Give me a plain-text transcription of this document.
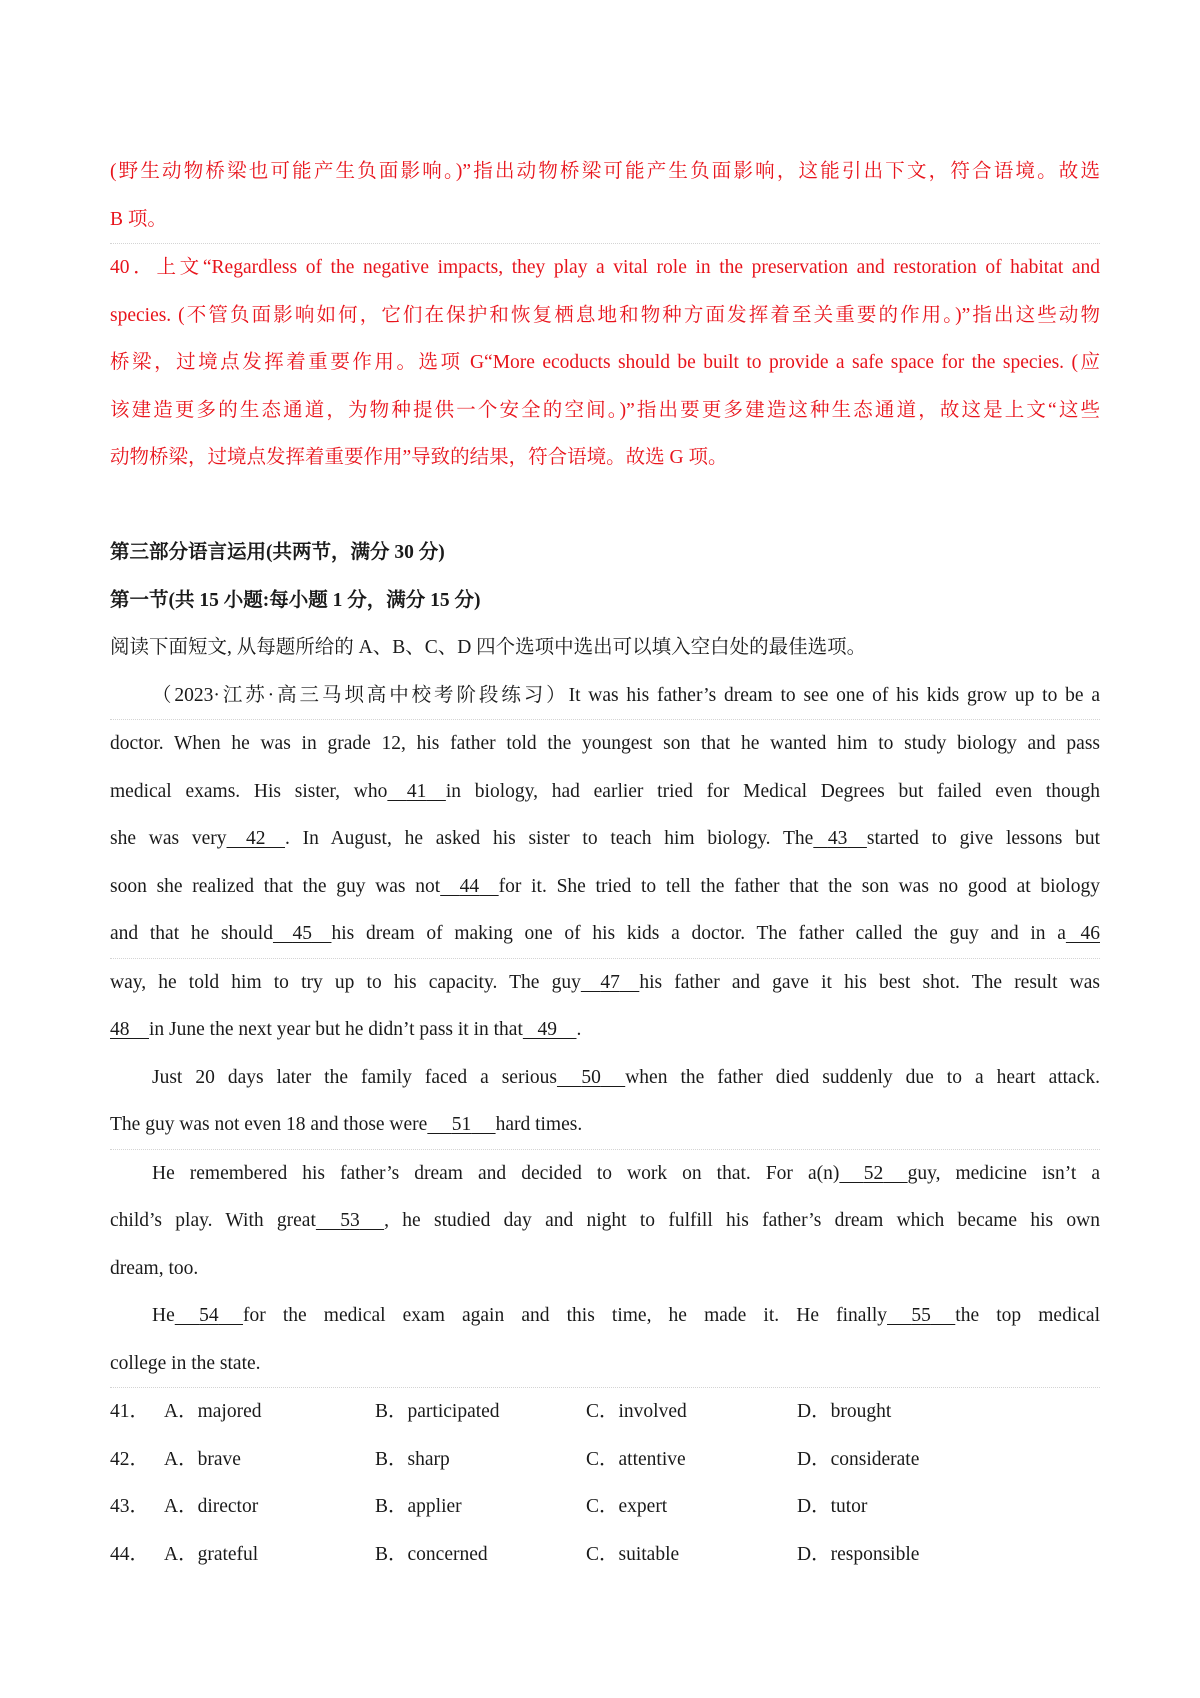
(野生动物桥梁也可能产生负面影响。)”指出动物桥梁可能产生负面影响，这能引出下文，符合语境。故选
B 项。
40．上文“Regardless of the negative impacts, they play a vital role in the preservation and restoration of habitat and
species. (不管负面影响如何，它们在保护和恢复栖息地和物种方面发挥着至关重要的作用。)”指出这些动物
桥梁，过境点发挥着重要作用。选项 G“More ecoducts should be built to provide a safe space for the species. (应
该建造更多的生态通道，为物种提供一个安全的空间。)”指出要更多建造这种生态通道，故这是上文“这些
动物桥梁，过境点发挥着重要作用”导致的结果，符合语境。故选 G 项。
第三部分语言运用(共两节，满分 30 分)
第一节(共 15 小题:每小题 1 分，满分 15 分)
阅读下面短文, 从每题所给的 A、B、C、D 四个选项中选出可以填入空白处的最佳选项。
（2023·江苏·高三马坝高中校考阶段练习）It was his father’s dream to see one of his kids grow up to be a
doctor. When he was in grade 12, his father told the youngest son that he wanted him to study biology and pass
medical exams. His sister, who 41 in biology, had earlier tried for Medical Degrees but failed even though
she was very 42 . In August, he asked his sister to teach him biology. The 43 started to give lessons but
soon she realized that the guy was not 44 for it. She tried to tell the father that the son was no good at biology
and that he should 45 his dream of making one of his kids a doctor. The father called the guy and in a 46
way, he told him to try up to his capacity. The guy 47 his father and gave it his best shot. The result was
48 in June the next year but he didn’t pass it in that 49 .
Just 20 days later the family faced a serious 50 when the father died suddenly due to a heart attack.
The guy was not even 18 and those were 51 hard times.
He remembered his father’s dream and decided to work on that. For a(n) 52 guy, medicine isn’t a
child’s play. With great 53 , he studied day and night to fulfill his father’s dream which became his own
dream, too.
He 54 for the medical exam again and this time, he made it. He finally 55 the top medical
college in the state.
41． A．majored	B．participated	C．involved	D．brought
42． A．brave	B．sharp	C．attentive	D．considerate
43． A．director	B．applier	C．expert	D．tutor
44． A．grateful	B．concerned	C．suitable	D．responsible
